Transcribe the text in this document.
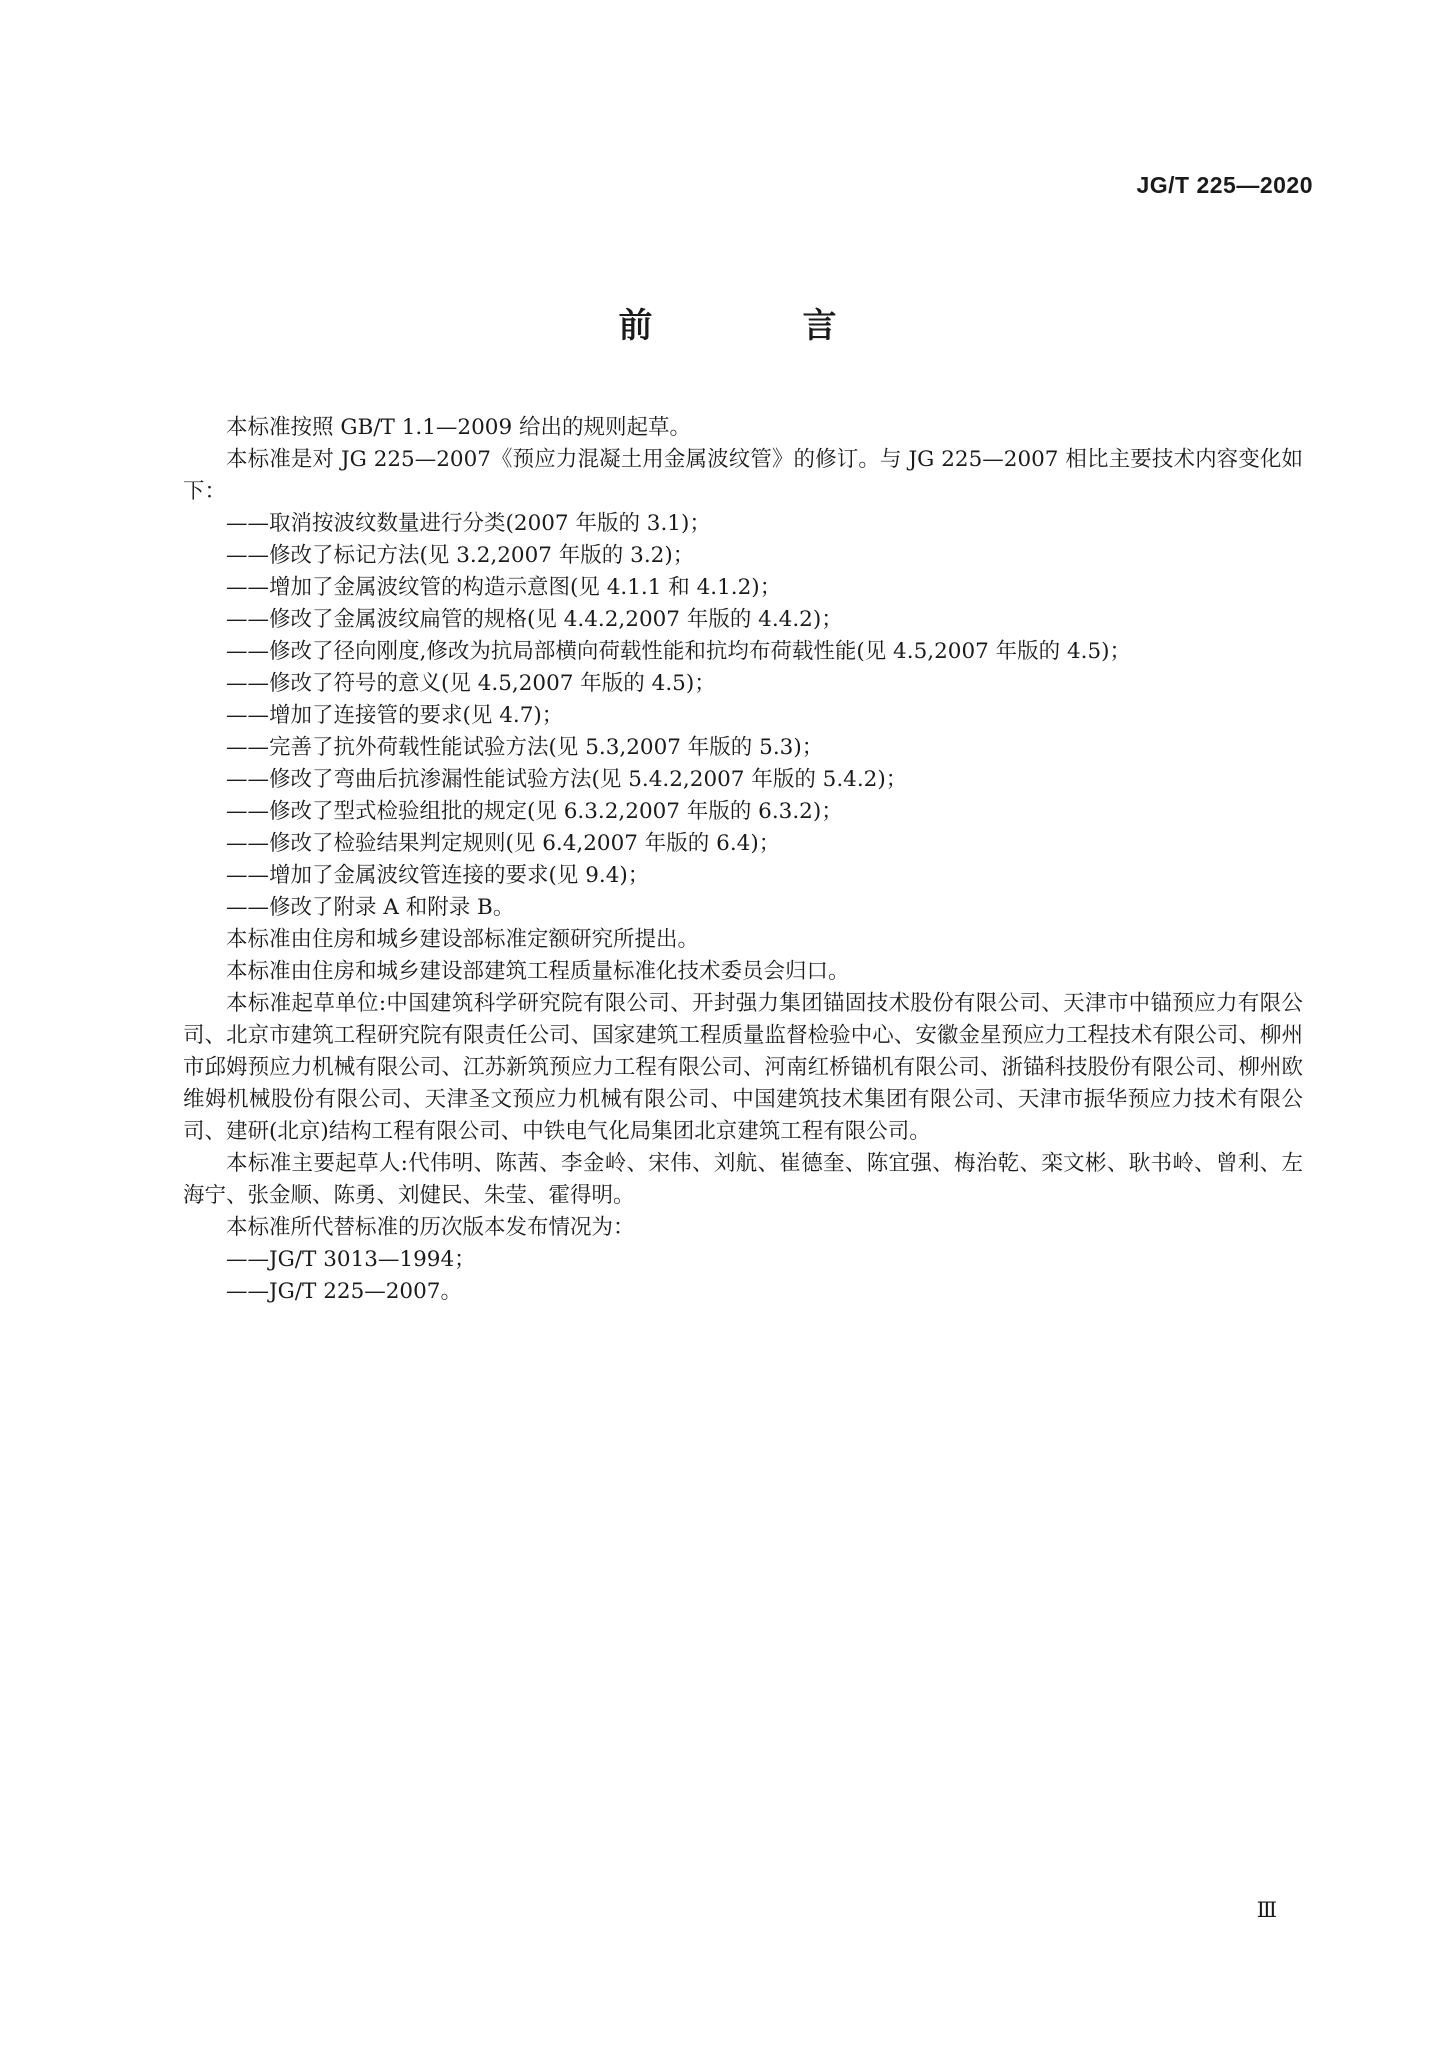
JG/T 225—2020
前　言

本标准按照 GB/T 1.1—2009 给出的规则起草。

本标准是对 JG 225—2007《预应力混凝土用金属波纹管》的修订。与 JG 225—2007 相比主要技术内容变化如下：

——取消按波纹数量进行分类(2007 年版的 3.1)；

——修改了标记方法(见 3.2,2007 年版的 3.2)；

——增加了金属波纹管的构造示意图(见 4.1.1 和 4.1.2)；

——修改了金属波纹扁管的规格(见 4.4.2,2007 年版的 4.4.2)；

——修改了径向刚度,修改为抗局部横向荷载性能和抗均布荷载性能(见 4.5,2007 年版的 4.5)；

——修改了符号的意义(见 4.5,2007 年版的 4.5)；

——增加了连接管的要求(见 4.7)；

——完善了抗外荷载性能试验方法(见 5.3,2007 年版的 5.3)；

——修改了弯曲后抗渗漏性能试验方法(见 5.4.2,2007 年版的 5.4.2)；

——修改了型式检验组批的规定(见 6.3.2,2007 年版的 6.3.2)；

——修改了检验结果判定规则(见 6.4,2007 年版的 6.4)；

——增加了金属波纹管连接的要求(见 9.4)；

——修改了附录 A 和附录 B。

本标准由住房和城乡建设部标准定额研究所提出。

本标准由住房和城乡建设部建筑工程质量标准化技术委员会归口。

本标准起草单位:中国建筑科学研究院有限公司、开封强力集团锚固技术股份有限公司、天津市中锚预应力有限公司、北京市建筑工程研究院有限责任公司、国家建筑工程质量监督检验中心、安徽金星预应力工程技术有限公司、柳州市邱姆预应力机械有限公司、江苏新筑预应力工程有限公司、河南红桥锚机有限公司、浙锚科技股份有限公司、柳州欧维姆机械股份有限公司、天津圣文预应力机械有限公司、中国建筑技术集团有限公司、天津市振华预应力技术有限公司、建研(北京)结构工程有限公司、中铁电气化局集团北京建筑工程有限公司。

本标准主要起草人:代伟明、陈茜、李金岭、宋伟、刘航、崔德奎、陈宜强、梅治乾、栾文彬、耿书岭、曾利、左海宁、张金顺、陈勇、刘健民、朱莹、霍得明。

本标准所代替标准的历次版本发布情况为：

——JG/T 3013—1994；

——JG/T 225—2007。

Ⅲ
